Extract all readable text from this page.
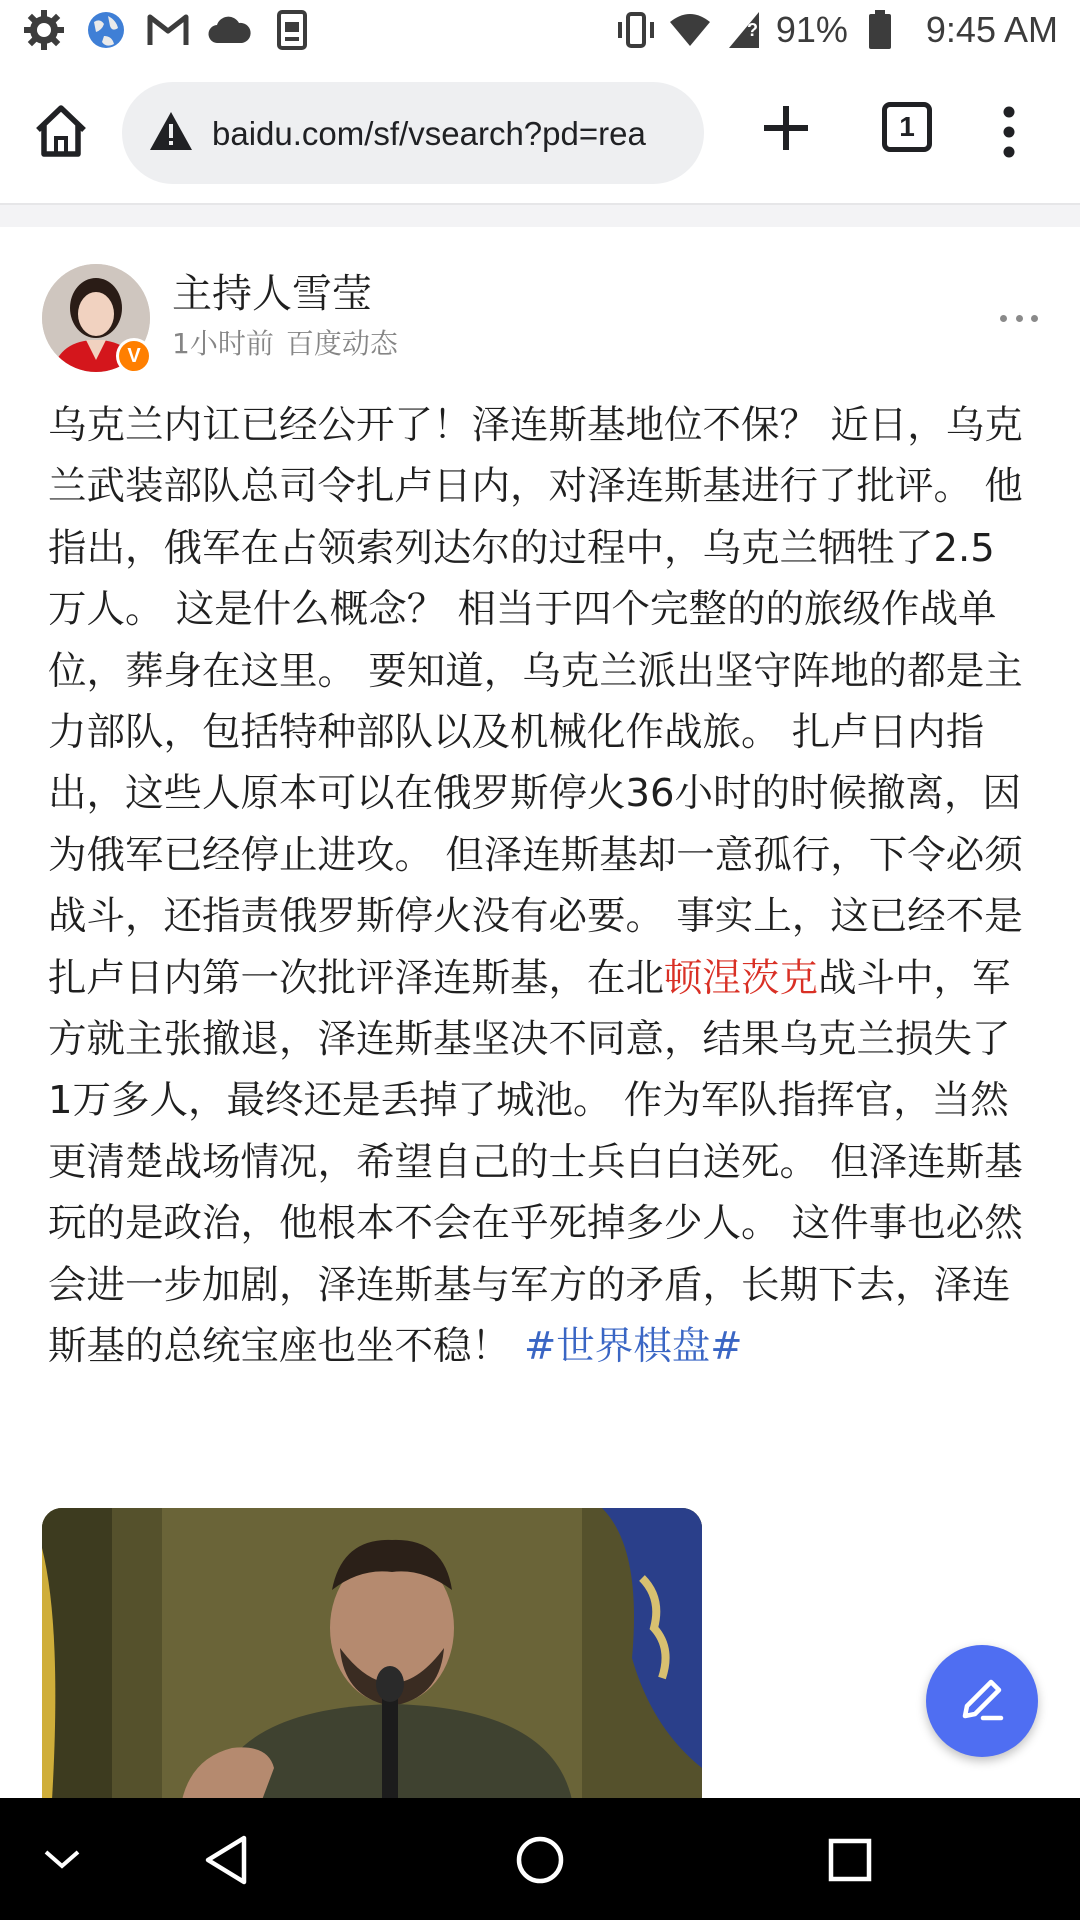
? 91% 9:45 AM
baidu.com/sf/vsearch?pd=rea	1
V
主持人雪莹
1小时前 百度动态
乌克兰内讧已经公开了！泽连斯基地位不保？ 近日，乌克兰武装部队总司令扎卢日内，对泽连斯基进行了批评。 他指出，俄军在占领索列达尔的过程中，乌克兰牺牲了2.5万人。 这是什么概念？ 相当于四个完整的的旅级作战单位，葬身在这里。 要知道，乌克兰派出坚守阵地的都是主力部队，包括特种部队以及机械化作战旅。 扎卢日内指出，这些人原本可以在俄罗斯停火36小时的时候撤离，因为俄军已经停止进攻。 但泽连斯基却一意孤行，下令必须战斗，还指责俄罗斯停火没有必要。 事实上，这已经不是扎卢日内第一次批评泽连斯基，在北顿涅茨克战斗中，军方就主张撤退，泽连斯基坚决不同意，结果乌克兰损失了1万多人，最终还是丢掉了城池。 作为军队指挥官，当然更清楚战场情况，希望自己的士兵白白送死。 但泽连斯基玩的是政治，他根本不会在乎死掉多少人。 这件事也必然会进一步加剧，泽连斯基与军方的矛盾，长期下去，泽连斯基的总统宝座也坐不稳！ #世界棋盘#
